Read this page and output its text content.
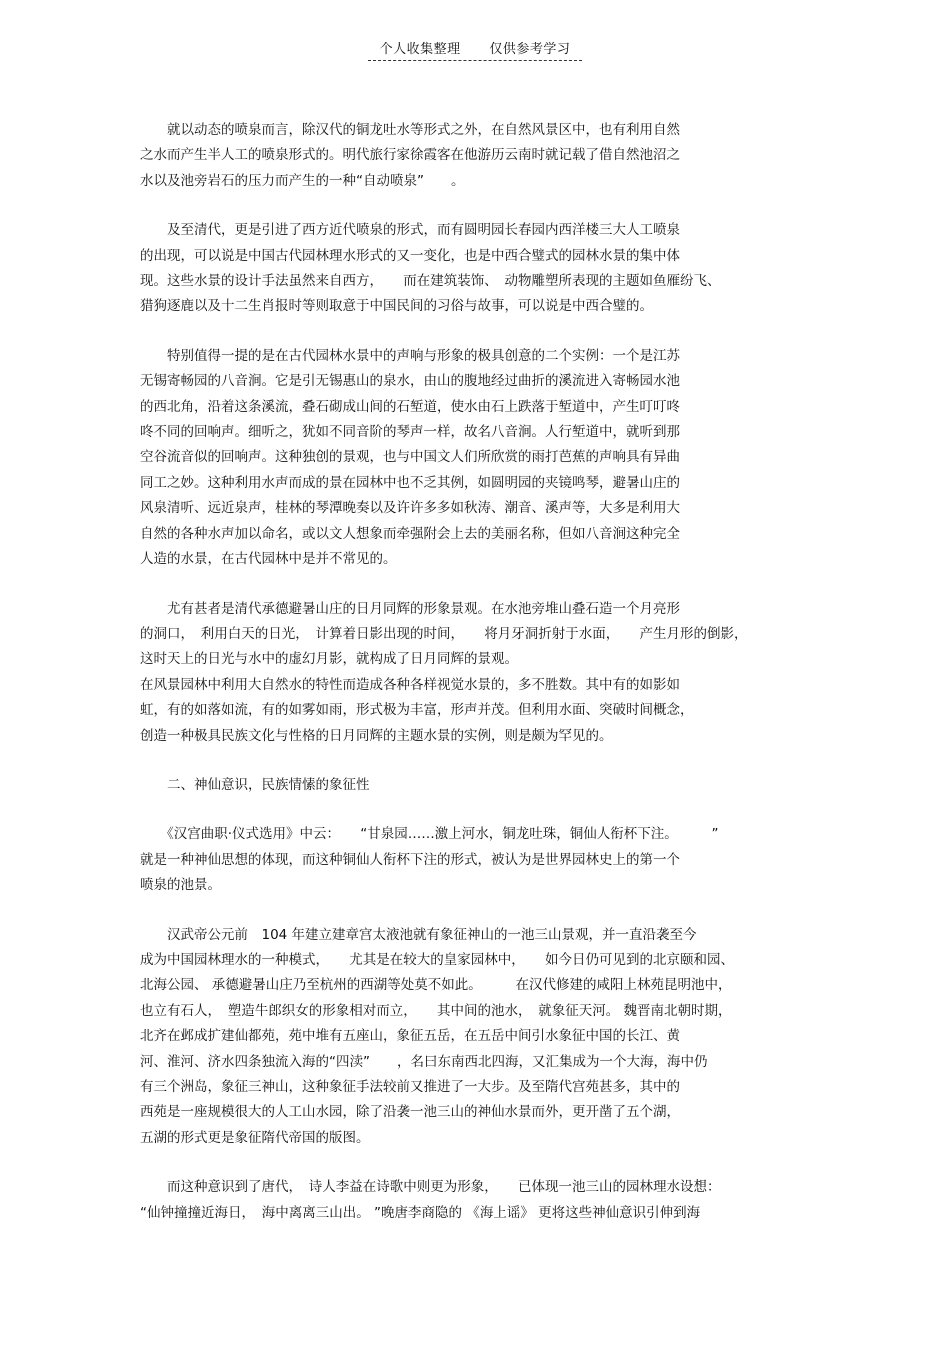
个人收集整理 仅供参考学习
　　就以动态的喷泉而言，除汉代的铜龙吐水等形式之外，在自然风景区中，也有利用自然
之水而产生半人工的喷泉形式的。明代旅行家徐霞客在他游历云南时就记载了借自然池沼之
水以及池旁岩石的压力而产生的一种“自动喷泉”　　。
　　及至清代，更是引进了西方近代喷泉的形式，而有圆明园长春园内西洋楼三大人工喷泉
的出现，可以说是中国古代园林理水形式的又一变化，也是中西合璧式的园林水景的集中体
现。这些水景的设计手法虽然来自西方，　　而在建筑装饰、　动物雕塑所表现的主题如鱼雁纷飞、
猎狗逐鹿以及十二生肖报时等则取意于中国民间的习俗与故事，可以说是中西合璧的。
　　特别值得一提的是在古代园林水景中的声响与形象的极具创意的二个实例：一个是江苏
无锡寄畅园的八音涧。它是引无锡惠山的泉水，由山的腹地经过曲折的溪流进入寄畅园水池
的西北角，沿着这条溪流，叠石砌成山间的石堑道，使水由石上跌落于堑道中，产生叮叮咚
咚不同的回响声。细听之，犹如不同音阶的琴声一样，故名八音涧。人行堑道中，就听到那
空谷流音似的回响声。这种独创的景观，也与中国文人们所欣赏的雨打芭蕉的声响具有异曲
同工之妙。这种利用水声而成的景在园林中也不乏其例，如圆明园的夹镜鸣琴，避暑山庄的
风泉清听、远近泉声，桂林的琴潭晚奏以及许许多多如秋涛、潮音、溪声等，大多是利用大
自然的各种水声加以命名，或以文人想象而牵强附会上去的美丽名称，但如八音涧这种完全
人造的水景，在古代园林中是并不常见的。
　　尤有甚者是清代承德避暑山庄的日月同辉的形象景观。在水池旁堆山叠石造一个月亮形
的洞口，　利用白天的日光，　计算着日影出现的时间，　　将月牙洞折射于水面，　　产生月形的倒影，
这时天上的日光与水中的虚幻月影，就构成了日月同辉的景观。
在风景园林中利用大自然水的特性而造成各种各样视觉水景的，多不胜数。其中有的如影如
虹，有的如落如流，有的如雾如雨，形式极为丰富，形声并茂。但利用水面、突破时间概念，
创造一种极具民族文化与性格的日月同辉的主题水景的实例，则是颇为罕见的。
　　二、神仙意识，民族情愫的象征性
　　《汉宫曲职·仪式选用》中云：　　“甘泉园……激上河水，铜龙吐珠，铜仙人衔杯下注。　　　”
就是一种神仙思想的体现，而这种铜仙人衔杯下注的形式，被认为是世界园林史上的第一个
喷泉的池景。
　　汉武帝公元前　104 年建立建章宫太液池就有象征神山的一池三山景观，并一直沿袭至今
成为中国园林理水的一种模式，　　尤其是在较大的皇家园林中，　　如今日仍可见到的北京颐和园、
北海公园、 承德避暑山庄乃至杭州的西湖等处莫不如此。　　　在汉代修建的咸阳上林苑昆明池中，
也立有石人，　塑造牛郎织女的形象相对而立，　　其中间的池水，　就象征天河。 魏晋南北朝时期，
北齐在邺成扩建仙都苑，苑中堆有五座山，象征五岳，在五岳中间引水象征中国的长江、黄
河、淮河、济水四条独流入海的“四渎”　　，名曰东南西北四海，又汇集成为一个大海，海中仍
有三个洲岛，象征三神山，这种象征手法较前又推进了一大步。及至隋代宫苑甚多，其中的
西苑是一座规模很大的人工山水园，除了沿袭一池三山的神仙水景而外，更开凿了五个湖，
五湖的形式更是象征隋代帝国的版图。
　　而这种意识到了唐代，　诗人李益在诗歌中则更为形象，　　已体现一池三山的园林理水设想：
“仙钟撞撞近海日，　海中离离三山出。 ”晚唐李商隐的 《海上谣》 更将这些神仙意识引伸到海
